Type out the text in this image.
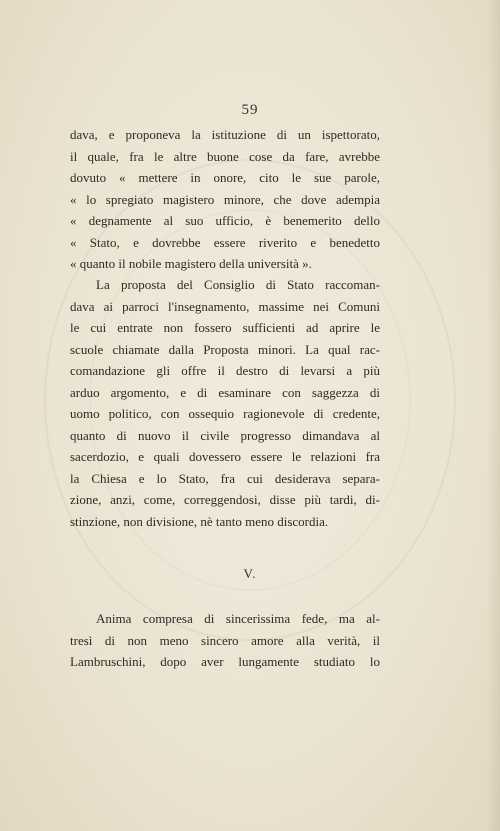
59
dava, e proponeva la istituzione di un ispettorato,
il quale, fra le altre buone cose da fare, avrebbe
dovuto « mettere in onore, cito le sue parole,
« lo spregiato magistero minore, che dove adempia
« degnamente al suo ufficio, è benemerito dello
« Stato, e dovrebbe essere riverito e benedetto
« quanto il nobile magistero della università ».
La proposta del Consiglio di Stato raccoman-
dava ai parroci l'insegnamento, massime nei Comuni
le cui entrate non fossero sufficienti ad aprire le
scuole chiamate dalla Proposta minori. La qual rac-
comandazione gli offre il destro di levarsi a più
arduo argomento, e di esaminare con saggezza di
uomo politico, con ossequio ragionevole di credente,
quanto di nuovo il civile progresso dimandava al
sacerdozio, e quali dovessero essere le relazioni fra
la Chiesa e lo Stato, fra cui desiderava separa-
zione, anzi, come, correggendosi, disse più tardi, di-
stinzione, non divisione, nè tanto meno discordia.
V.
Anima compresa di sincerissima fede, ma al-
tresì di non meno sincero amore alla verità, il
Lambruschini, dopo aver lungamente studiato lo
